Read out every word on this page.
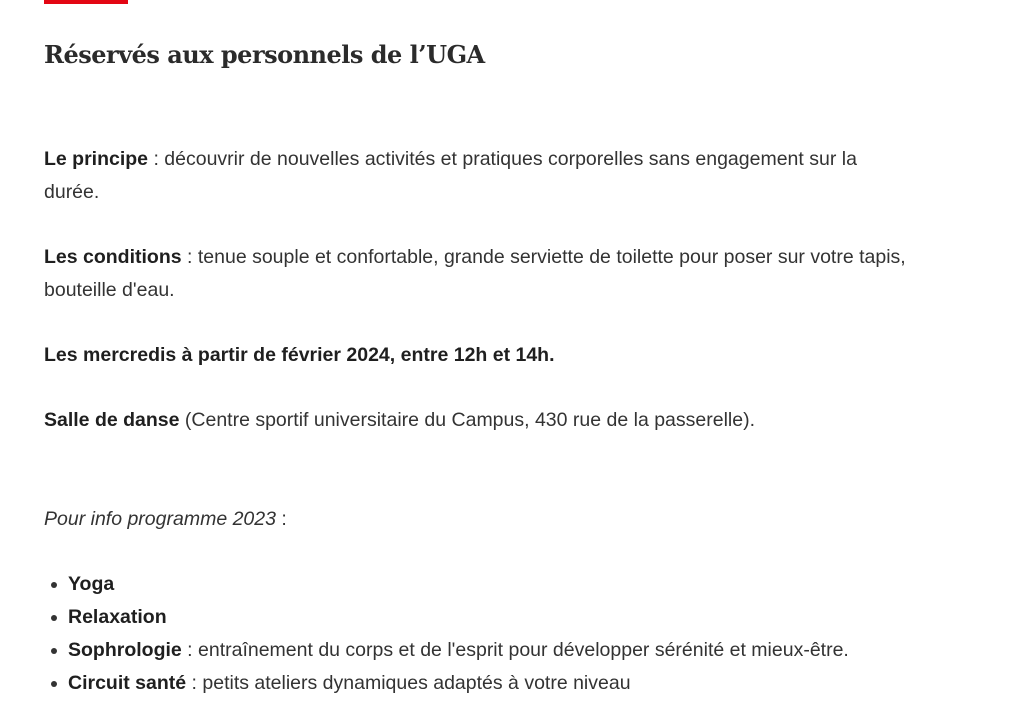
Réservés aux personnels de l’UGA

Le principe : découvrir de nouvelles activités et pratiques corporelles sans engagement sur la durée.

Les conditions : tenue souple et confortable, grande serviette de toilette pour poser sur votre tapis, bouteille d'eau.

Les mercredis à partir de février 2024, entre 12h et 14h.

Salle de danse (Centre sportif universitaire du Campus, 430 rue de la passerelle).

Pour info programme 2023 :

Yoga
Relaxation
Sophrologie : entraînement du corps et de l'esprit pour développer sérénité et mieux-être.
Circuit santé : petits ateliers dynamiques adaptés à votre niveau
